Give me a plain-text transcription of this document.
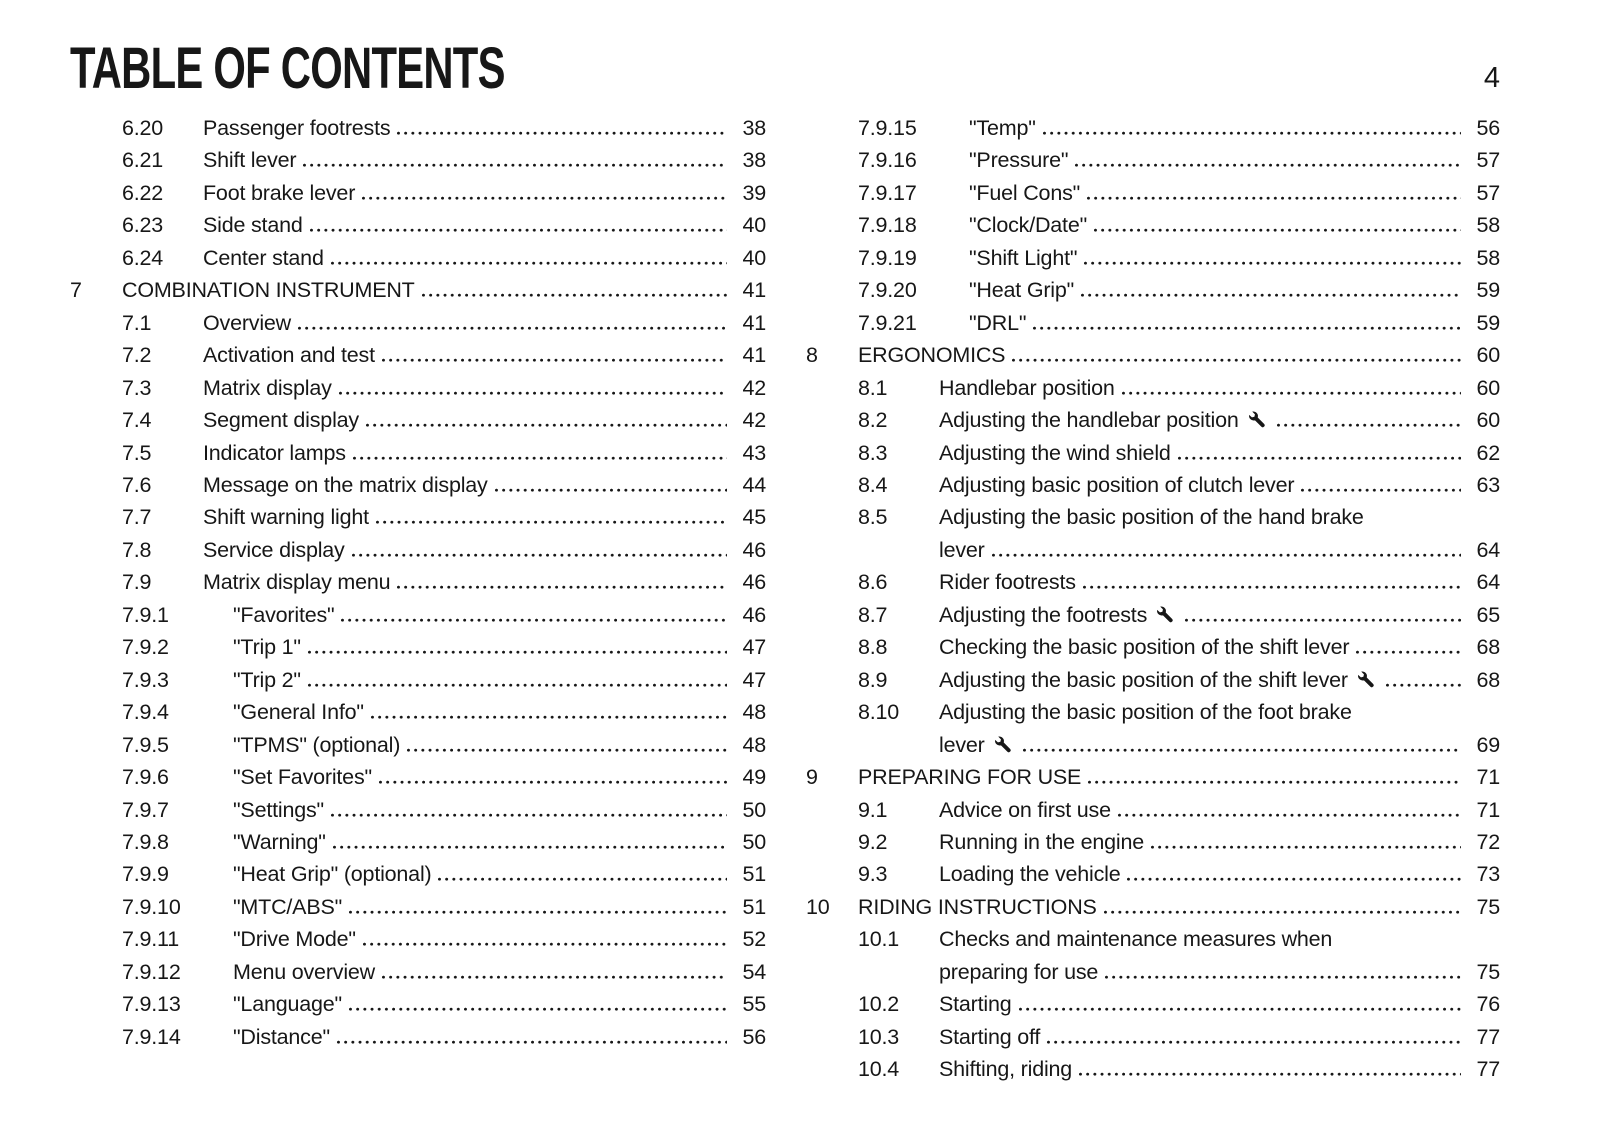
TABLE OF CONTENTS	4
6.20	Passenger footrests	38
6.21	Shift lever	38
6.22	Foot brake lever	39
6.23	Side stand	40
6.24	Center stand	40
7	COMBINATION INSTRUMENT	41
7.1	Overview	41
7.2	Activation and test	41
7.3	Matrix display	42
7.4	Segment display	42
7.5	Indicator lamps	43
7.6	Message on the matrix display	44
7.7	Shift warning light	45
7.8	Service display	46
7.9	Matrix display menu	46
7.9.1	"Favorites"	46
7.9.2	"Trip 1"	47
7.9.3	"Trip 2"	47
7.9.4	"General Info"	48
7.9.5	"TPMS" (optional)	48
7.9.6	"Set Favorites"	49
7.9.7	"Settings"	50
7.9.8	"Warning"	50
7.9.9	"Heat Grip" (optional)	51
7.9.10	"MTC/ABS"	51
7.9.11	"Drive Mode"	52
7.9.12	Menu overview	54
7.9.13	"Language"	55
7.9.14	"Distance"	56
7.9.15	"Temp"	56
7.9.16	"Pressure"	57
7.9.17	"Fuel Cons"	57
7.9.18	"Clock/Date"	58
7.9.19	"Shift Light"	58
7.9.20	"Heat Grip"	59
7.9.21	"DRL"	59
8	ERGONOMICS	60
8.1	Handlebar position	60
8.2	Adjusting the handlebar position	60
8.3	Adjusting the wind shield	62
8.4	Adjusting basic position of clutch lever	63
8.5	Adjusting the basic position of the hand brake
lever	64
8.6	Rider footrests	64
8.7	Adjusting the footrests	65
8.8	Checking the basic position of the shift lever	68
8.9	Adjusting the basic position of the shift lever	68
8.10	Adjusting the basic position of the foot brake
lever	69
9	PREPARING FOR USE	71
9.1	Advice on first use	71
9.2	Running in the engine	72
9.3	Loading the vehicle	73
10	RIDING INSTRUCTIONS	75
10.1	Checks and maintenance measures when
preparing for use	75
10.2	Starting	76
10.3	Starting off	77
10.4	Shifting, riding	77
